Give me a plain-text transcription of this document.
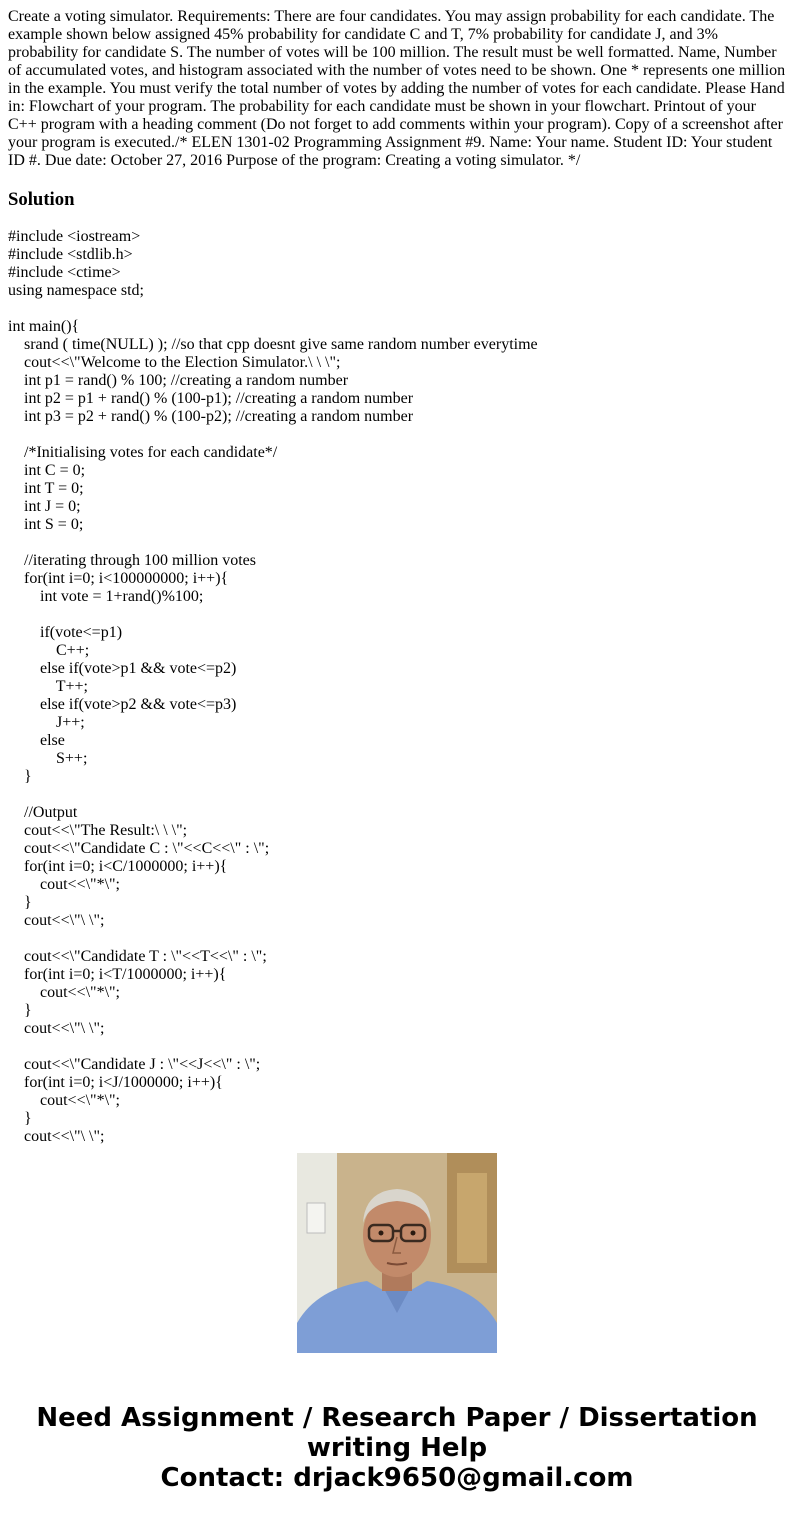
Create a voting simulator. Requirements: There are four candidates. You may assign probability for each candidate. The example shown below assigned 45% probability for candidate C and T, 7% probability for candidate J, and 3% probability for candidate S. The number of votes will be 100 million. The result must be well formatted. Name, Number of accumulated votes, and histogram associated with the number of votes need to be shown. One * represents one million in the example. You must verify the total number of votes by adding the number of votes for each candidate. Please Hand in: Flowchart of your program. The probability for each candidate must be shown in your flowchart. Printout of your C++ program with a heading comment (Do not forget to add comments within your program). Copy of a screenshot after your program is executed./* ELEN 1301-02 Programming Assignment #9. Name: Your name. Student ID: Your student ID #. Due date: October 27, 2016 Purpose of the program: Creating a voting simulator. */

Solution
#include <iostream>
#include <stdlib.h>
#include <ctime>
using namespace std;
int main(){
srand ( time(NULL) ); //so that cpp doesnt give same random number everytime
cout<<\"Welcome to the Election Simulator.\ \ \";
int p1 = rand() % 100; //creating a random number
int p2 = p1 + rand() % (100-p1); //creating a random number
int p3 = p2 + rand() % (100-p2); //creating a random number
/*Initialising votes for each candidate*/
int C = 0;
int T = 0;
int J = 0;
int S = 0;
//iterating through 100 million votes
for(int i=0; i<100000000; i++){
int vote = 1+rand()%100;
if(vote<=p1)
C++;
else if(vote>p1 && vote<=p2)
T++;
else if(vote>p2 && vote<=p3)
J++;
else
S++;
}
//Output
cout<<\"The Result:\ \ \";
cout<<\"Candidate C : \"<<C<<\" : \";
for(int i=0; i<C/1000000; i++){
cout<<\"*\";
}
cout<<\"\ \";
cout<<\"Candidate T : \"<<T<<\" : \";
for(int i=0; i<T/1000000; i++){
cout<<\"*\";
}
cout<<\"\ \";
cout<<\"Candidate J : \"<<J<<\" : \";
for(int i=0; i<J/1000000; i++){
cout<<\"*\";
}
cout<<\"\ \";
Need Assignment / Research Paper / Dissertation
writing Help
Contact: drjack9650@gmail.com
